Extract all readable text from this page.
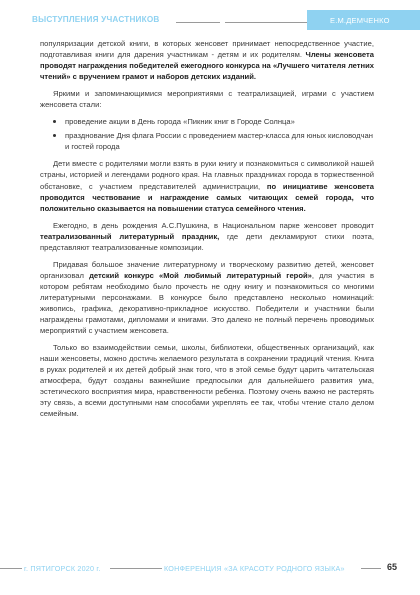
ВЫСТУПЛЕНИЯ УЧАСТНИКОВ	Е.М.ДЕМЧЕНКО

популяризации детской книги, в которых женсовет принимает непосредственное участие, подготавливая книги для дарения участникам - детям и их родителям. Члены женсовета проводят награждения победителей ежегодного конкурса на «Лучшего читателя летних чтений» с вручением грамот и наборов детских изданий.

Яркими и запоминающимися мероприятиями с театрализацией, играми с участием женсовета стали:

проведение акции в День города «Пикник книг в Городе Солнца»
празднование Дня флага России с проведением мастер-класса для юных кисловодчан и гостей города

Дети вместе с родителями могли взять в руки книгу и познакомиться с символикой нашей страны, историей и легендами родного края. На главных праздниках города в торжественной обстановке, с участием представителей администрации, по инициативе женсовета проводится чествование и награждение самых читающих семей города, что положительно сказывается на повышении статуса семейного чтения.

Ежегодно, в день рождения А.С.Пушкина, в Национальном парке женсовет проводит театрализованный литературный праздник, где дети декламируют стихи поэта, представляют театрализованные композиции.

Придавая большое значение литературному и творческому развитию детей, женсовет организовал детский конкурс «Мой любимый литературный герой», для участия в котором ребятам необходимо было прочесть не одну книгу и познакомиться со многими литературными персонажами. В конкурсе было представлено несколько номинаций: живопись, графика, декоративно-прикладное искусство. Победители и участники были награждены грамотами, дипломами и книгами. Это далеко не полный перечень проводимых мероприятий с участием женсовета.

Только во взаимодействии семьи, школы, библиотеки, общественных организаций, как наши женсоветы, можно достичь желаемого результата в сохранении традиций чтения. Книга в руках родителей и их детей добрый знак того, что в этой семье будут царить читательская атмосфера, будут созданы важнейшие предпосылки для дальнейшего развития ума, эстетического восприятия мира, нравственности ребенка. Поэтому очень важно не растерять эту связь, а всеми доступными нам способами укреплять ее так, чтобы чтение стало делом семейным.

г. ПЯТИГОРСК 2020 г.	КОНФЕРЕНЦИЯ «ЗА КРАСОТУ РОДНОГО ЯЗЫКА»	65
